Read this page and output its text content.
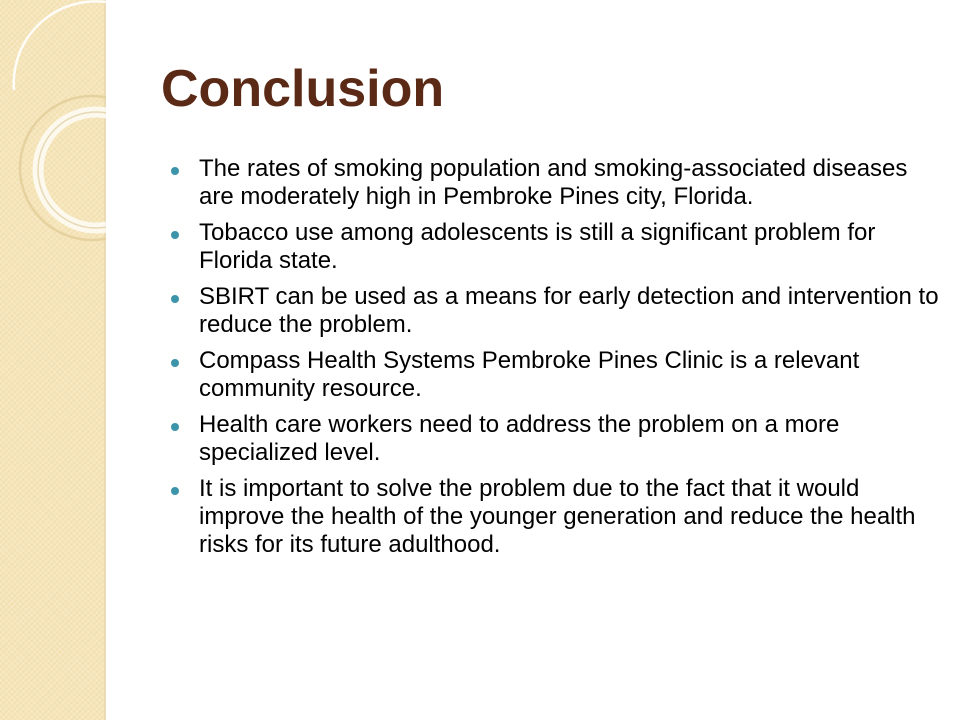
Conclusion
The rates of smoking population and smoking-associated diseases are moderately high in Pembroke Pines city, Florida.
Tobacco use among adolescents is still a significant problem for Florida state.
SBIRT can be used as a means for early detection and intervention to reduce the problem.
Compass Health Systems Pembroke Pines Clinic is a relevant community resource.
Health care workers need to address the problem on a more specialized level.
It is important to solve the problem due to the fact that it would improve the health of the younger generation and reduce the health risks for its future adulthood.
